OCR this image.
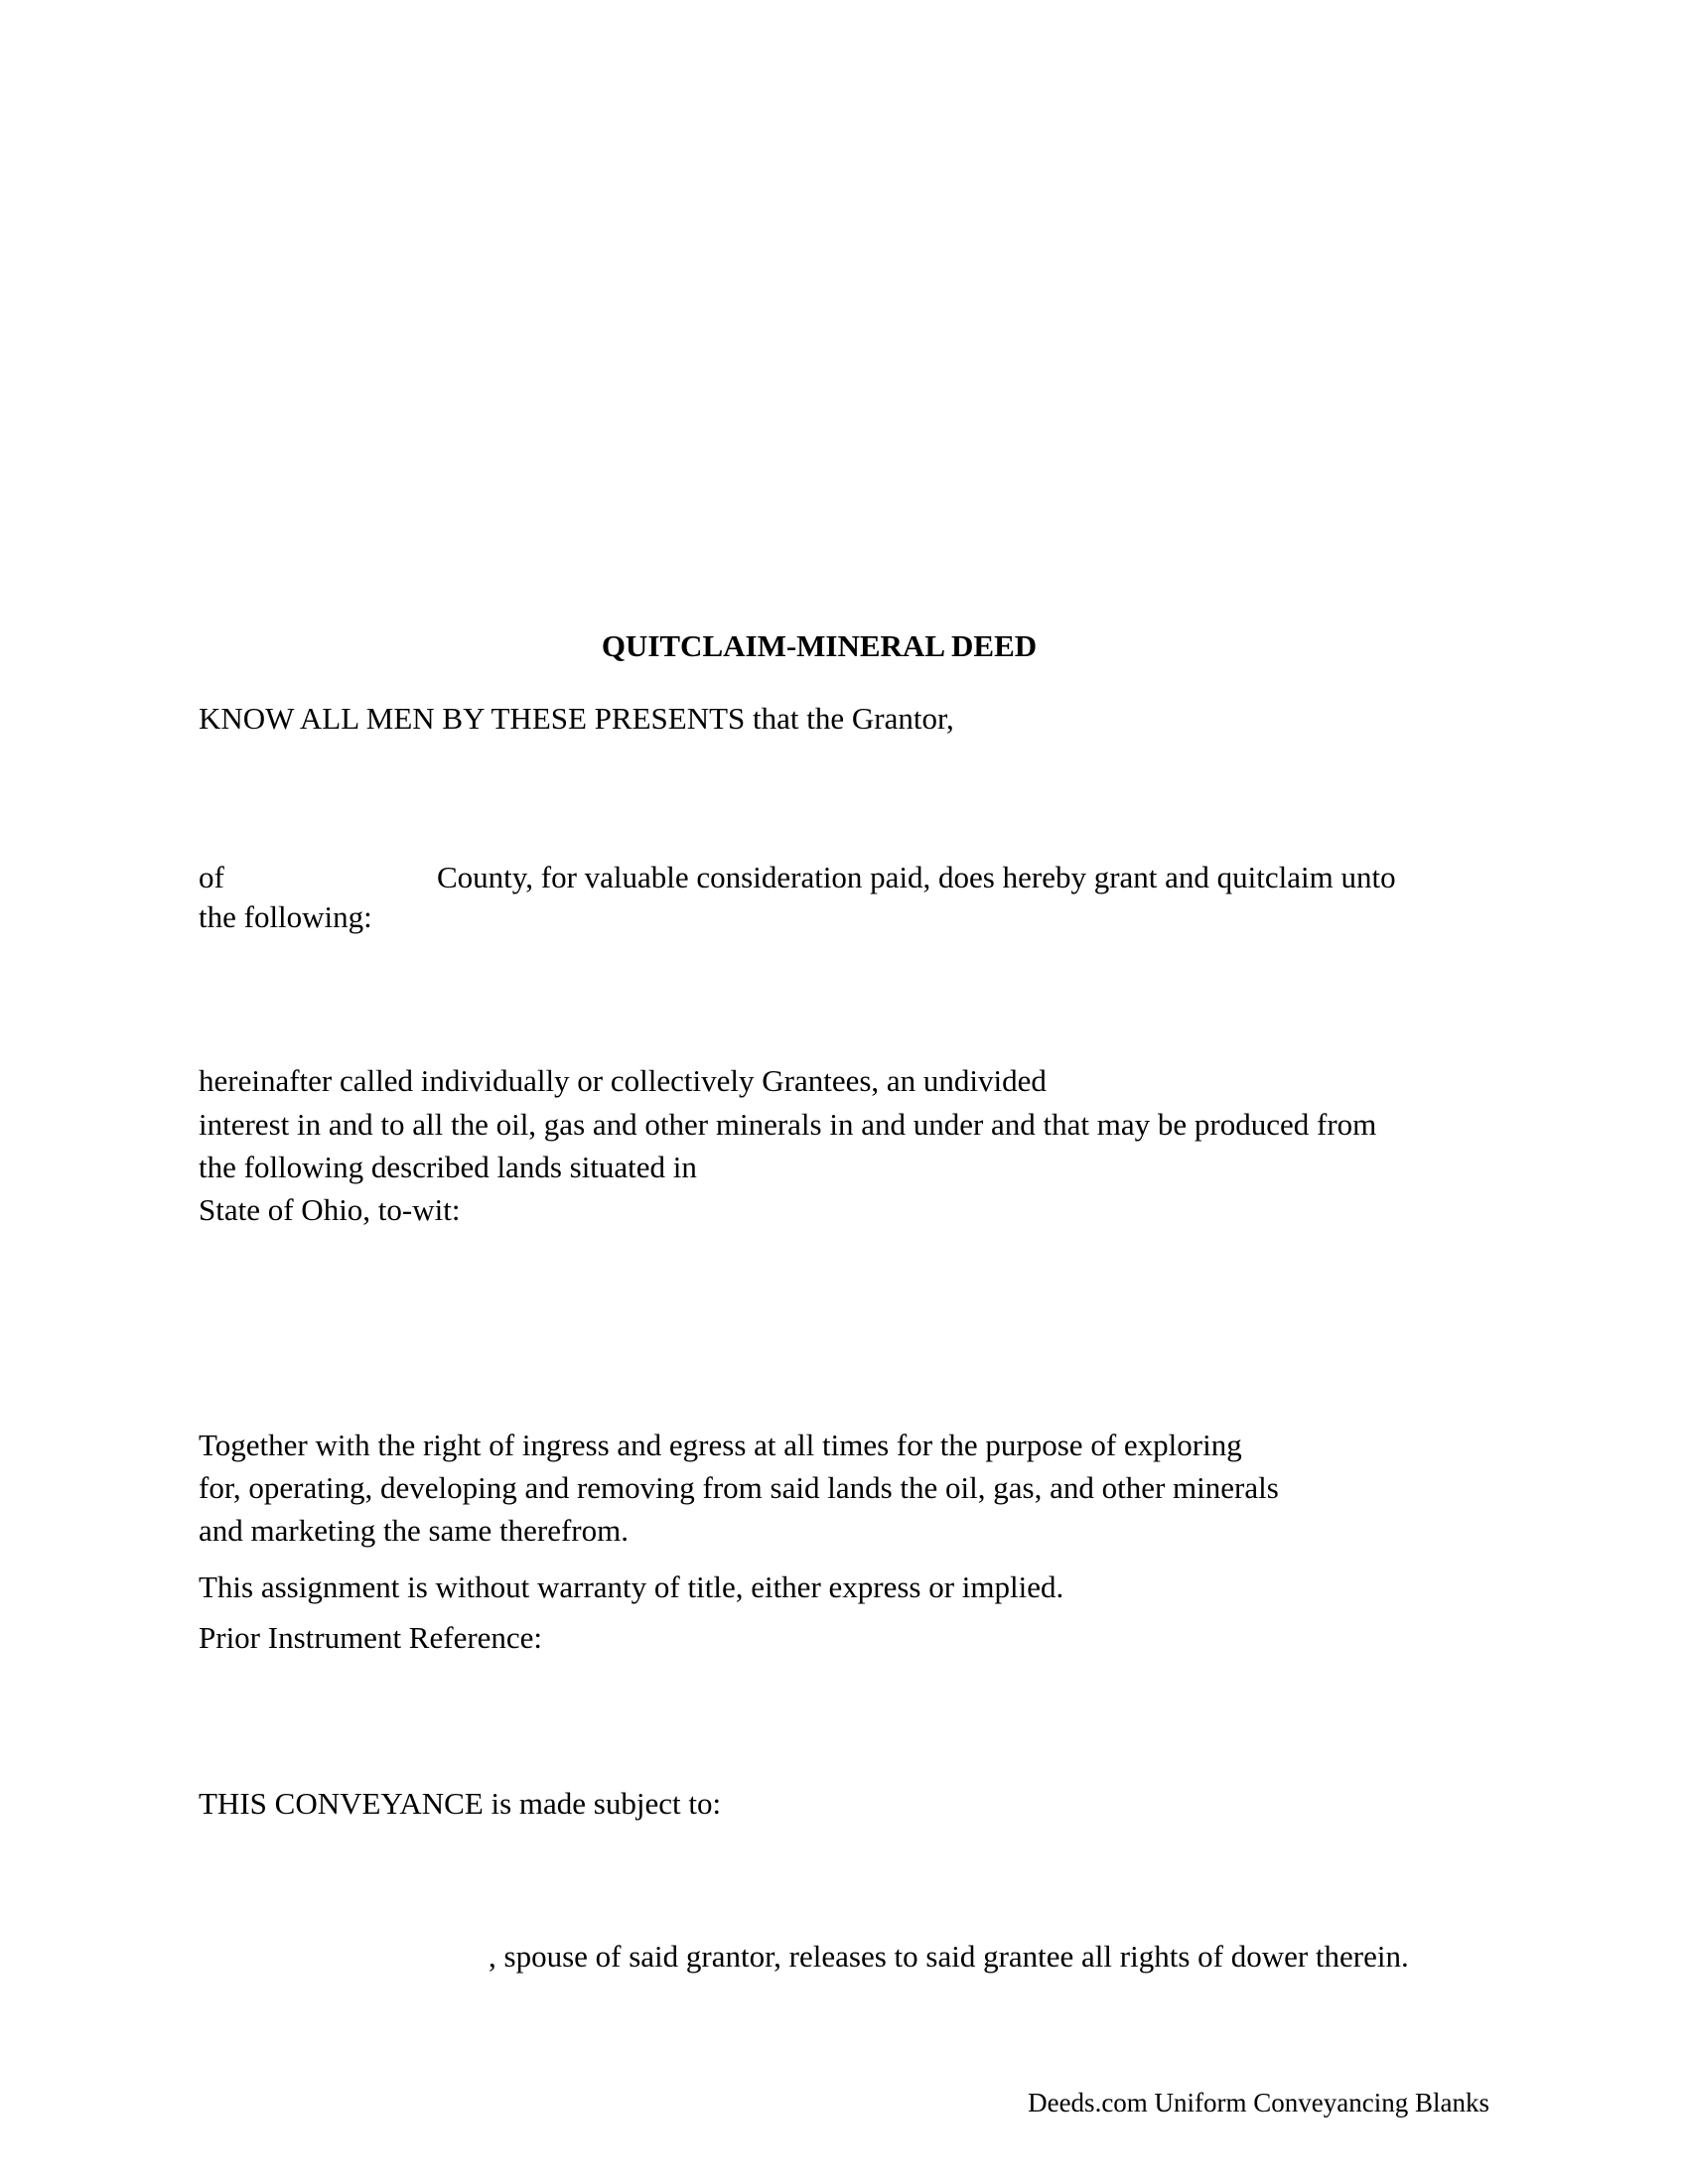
QUITCLAIM-MINERAL DEED
KNOW ALL MEN BY THESE PRESENTS that the Grantor,
of	County, for valuable consideration paid, does hereby grant and quitclaim unto
the following:
hereinafter called individually or collectively Grantees, an undivided
interest in and to all the oil, gas and other minerals in and under and that may be produced from
the following described lands situated in
State of Ohio, to-wit:
Together with the right of ingress and egress at all times for the purpose of exploring
for, operating, developing and removing from said lands the oil, gas, and other minerals
and marketing the same therefrom.
This assignment is without warranty of title, either express or implied.
Prior Instrument Reference:
THIS CONVEYANCE is made subject to:
, spouse of said grantor, releases to said grantee all rights of dower therein.
Deeds.com Uniform Conveyancing Blanks
